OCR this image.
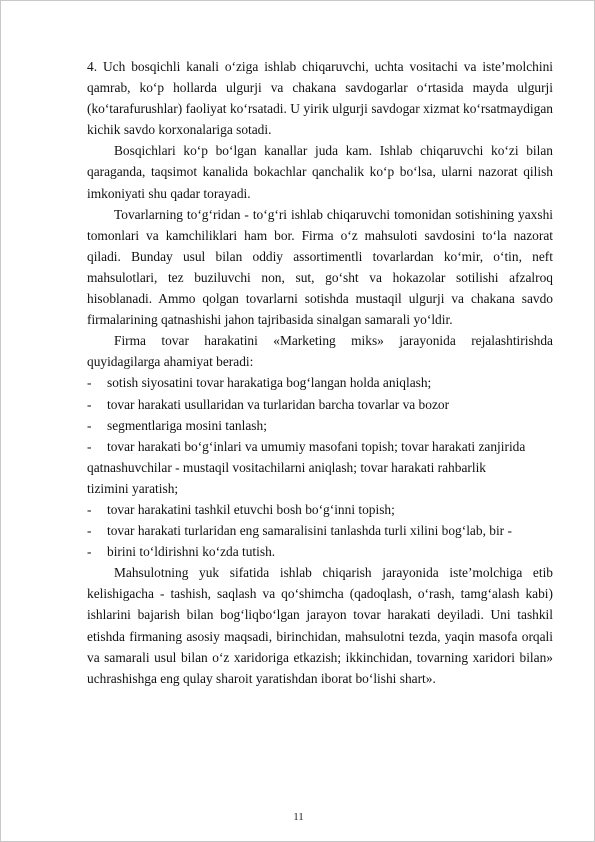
4. Uch bosqichli kanali o‘ziga ishlab chiqaruvchi, uchta vositachi va iste’molchini qamrab, ko‘p hollarda ulgurji va chakana savdogarlar o‘rtasida mayda ulgurji (ko‘tarafurushlar) faoliyat ko‘rsatadi. U yirik ulgurji savdogar xizmat ko‘rsatmaydigan kichik savdo korxonalariga sotadi.

Bosqichlari ko‘p bo‘lgan kanallar juda kam. Ishlab chiqaruvchi ko‘zi bilan qaraganda, taqsimot kanalida bokachlar qanchalik ko‘p bo‘lsa, ularni nazorat qilish imkoniyati shu qadar torayadi.

Tovarlarning to‘g‘ridan - to‘g‘ri ishlab chiqaruvchi tomonidan sotishining yaxshi tomonlari va kamchiliklari ham bor. Firma o‘z mahsuloti savdosini to‘la nazorat qiladi. Bunday usul bilan oddiy assortimentli tovarlardan ko‘mir, o‘tin, neft mahsulotlari, tez buziluvchi non, sut, go‘sht va hokazolar sotilishi afzalroq hisoblanadi. Ammo qolgan tovarlarni sotishda mustaqil ulgurji va chakana savdo firmalarining qatnashishi jahon tajribasida sinalgan samarali yo‘ldir.

Firma tovar harakatini «Marketing miks» jarayonida rejalashtirishda quyidagilarga ahamiyat beradi:

-	sotish siyosatini tovar harakatiga bog‘langan holda aniqlash;
-	tovar harakati usullaridan va turlaridan barcha tovarlar va bozor
-	segmentlariga mosini tanlash;
-	tovar harakati bo‘g‘inlari va umumiy masofani topish; tovar harakati zanjirida

qatnashuvchilar - mustaqil vositachilarni aniqlash; tovar harakati rahbarlik

tizimini yaratish;

-	tovar harakatini tashkil etuvchi bosh bo‘g‘inni topish;
-	tovar harakati turlaridan eng samaralisini tanlashda turli xilini bog‘lab, bir -
-	birini to‘ldirishni ko‘zda tutish.

Mahsulotning yuk sifatida ishlab chiqarish jarayonida iste’molchiga etib kelishigacha - tashish, saqlash va qo‘shimcha (qadoqlash, o‘rash, tamg‘alash kabi) ishlarini bajarish bilan bog‘liqbo‘lgan jarayon tovar harakati deyiladi. Uni tashkil etishda firmaning asosiy maqsadi, birinchidan, mahsulotni tezda, yaqin masofa orqali va samarali usul bilan o‘z xaridoriga etkazish; ikkinchidan, tovarning xaridori bilan» uchrashishga eng qulay sharoit yaratishdan iborat bo‘lishi shart».

11
